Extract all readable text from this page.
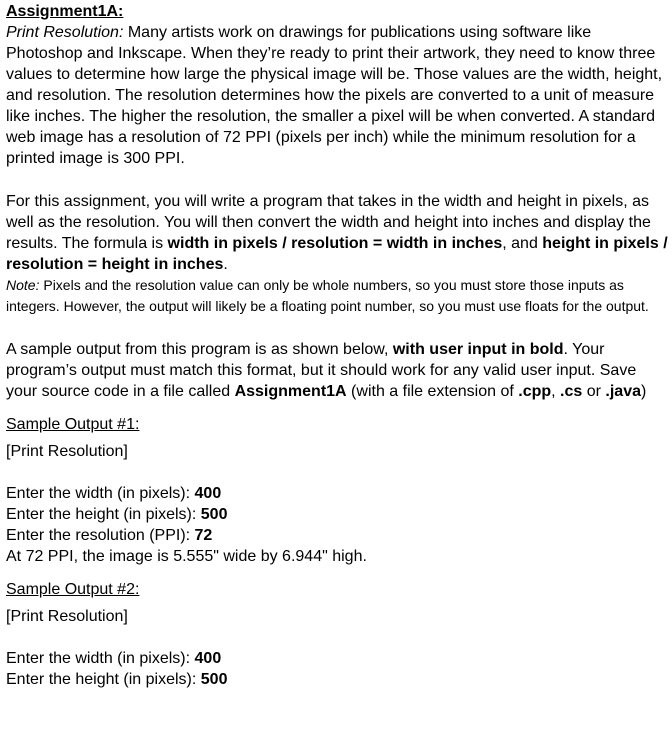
Assignment1A:

Print Resolution: Many artists work on drawings for publications using software like Photoshop and Inkscape. When they’re ready to print their artwork, they need to know three values to determine how large the physical image will be. Those values are the width, height, and resolution. The resolution determines how the pixels are converted to a unit of measure like inches. The higher the resolution, the smaller a pixel will be when converted. A standard web image has a resolution of 72 PPI (pixels per inch) while the minimum resolution for a printed image is 300 PPI.

For this assignment, you will write a program that takes in the width and height in pixels, as well as the resolution. You will then convert the width and height into inches and display the results. The formula is width in pixels / resolution = width in inches, and height in pixels / resolution = height in inches.

Note: Pixels and the resolution value can only be whole numbers, so you must store those inputs as integers. However, the output will likely be a floating point number, so you must use floats for the output.

A sample output from this program is as shown below, with user input in bold. Your program’s output must match this format, but it should work for any valid user input. Save your source code in a file called Assignment1A (with a file extension of .cpp, .cs or .java)

Sample Output #1:

[Print Resolution]

Enter the width (in pixels): 400

Enter the height (in pixels): 500

Enter the resolution (PPI): 72

At 72 PPI, the image is 5.555" wide by 6.944" high.

Sample Output #2:

[Print Resolution]

Enter the width (in pixels): 400

Enter the height (in pixels): 500
